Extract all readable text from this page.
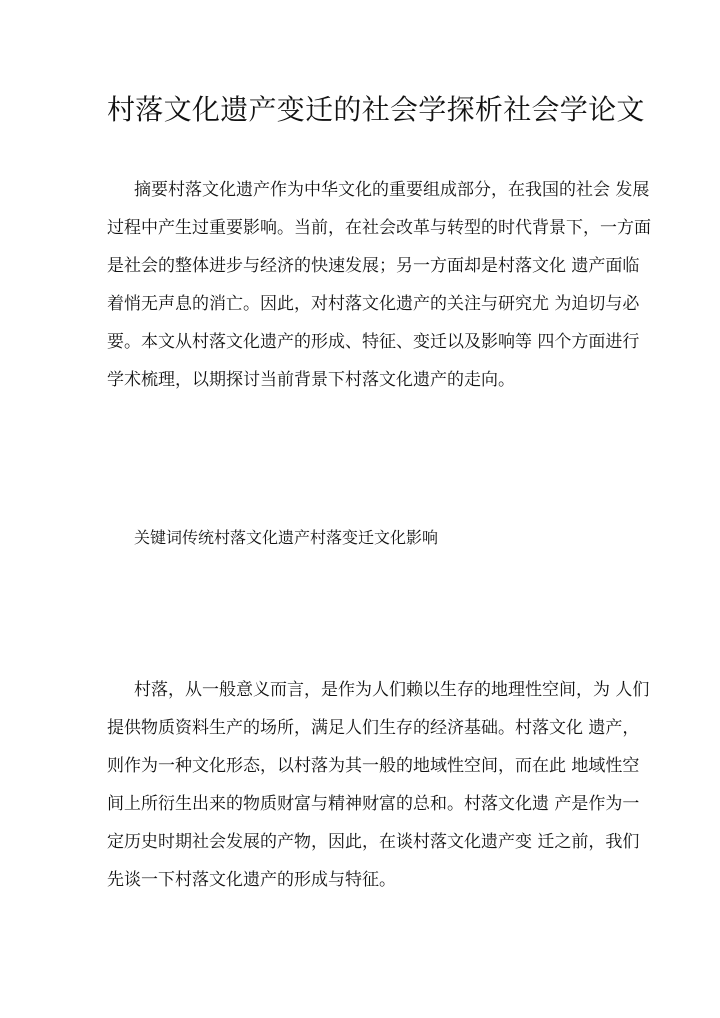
村落文化遗产变迁的社会学探析社会学论文
摘要村落文化遗产作为中华文化的重要组成部分，在我国的社会 发展
过程中产生过重要影响。当前，在社会改革与转型的时代背景下，一方面
是社会的整体进步与经济的快速发展；另一方面却是村落文化 遗产面临
着悄无声息的消亡。因此，对村落文化遗产的关注与研究尤 为迫切与必
要。本文从村落文化遗产的形成、特征、变迁以及影响等 四个方面进行
学术梳理，以期探讨当前背景下村落文化遗产的走向。
关键词传统村落文化遗产村落变迁文化影响
村落，从一般意义而言，是作为人们赖以生存的地理性空间，为 人们
提供物质资料生产的场所，满足人们生存的经济基础。村落文化 遗产，
则作为一种文化形态，以村落为其一般的地域性空间，而在此 地域性空
间上所衍生出来的物质财富与精神财富的总和。村落文化遗 产是作为一
定历史时期社会发展的产物，因此，在谈村落文化遗产变 迁之前，我们
先谈一下村落文化遗产的形成与特征。
